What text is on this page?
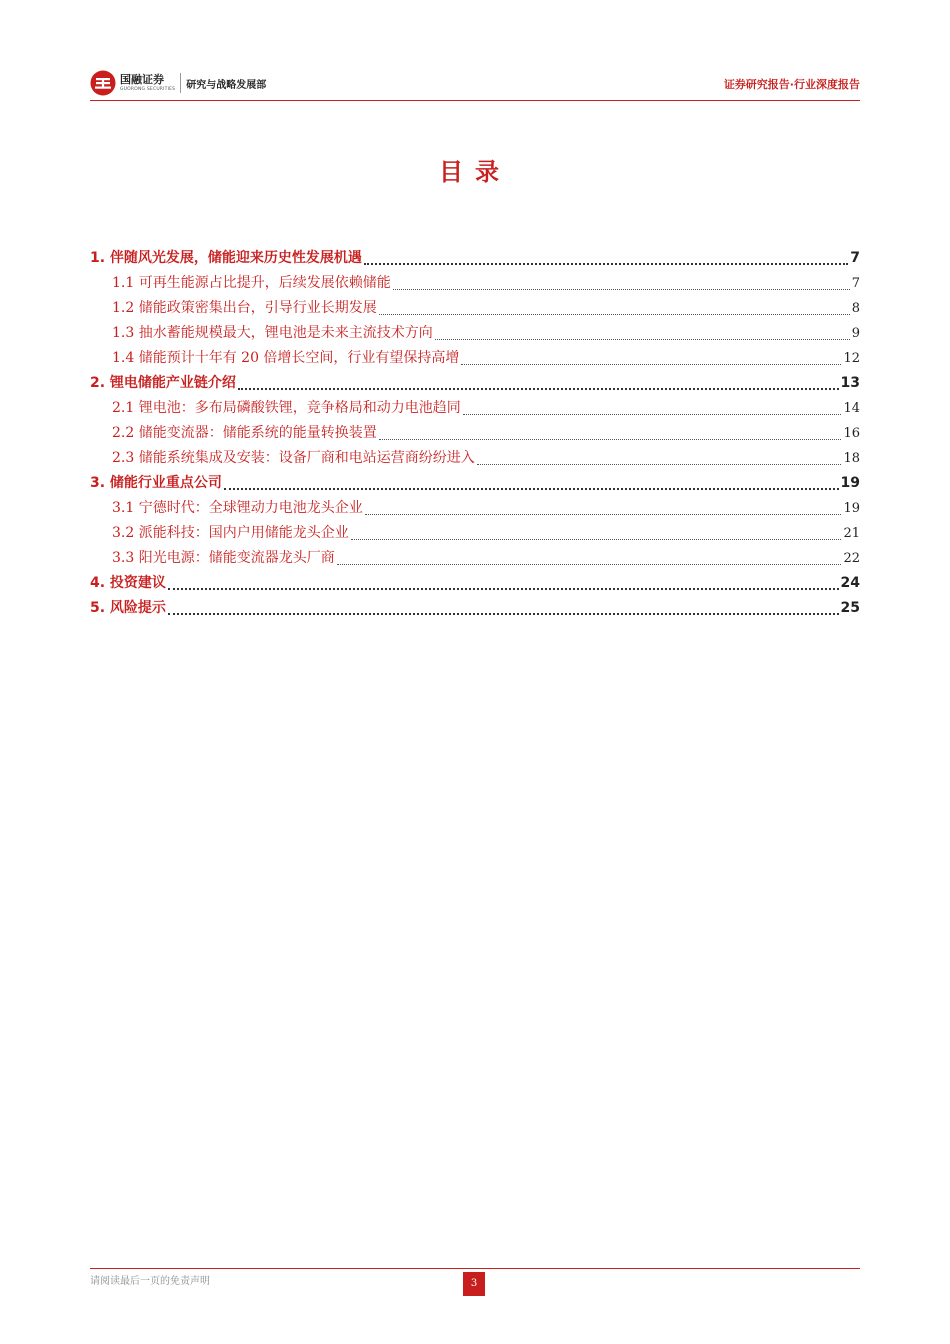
国融证券
GUORONG SECURITIES 研究与战略发展部	证券研究报告·行业深度报告
目录
1. 伴随风光发展，储能迎来历史性发展机遇	7
1.1 可再生能源占比提升，后续发展依赖储能	7
1.2 储能政策密集出台，引导行业长期发展	8
1.3 抽水蓄能规模最大，锂电池是未来主流技术方向	9
1.4 储能预计十年有 20 倍增长空间，行业有望保持高增	12
2. 锂电储能产业链介绍	13
2.1 锂电池：多布局磷酸铁锂，竞争格局和动力电池趋同	14
2.2 储能变流器：储能系统的能量转换装置	16
2.3 储能系统集成及安装：设备厂商和电站运营商纷纷进入	18
3. 储能行业重点公司	19
3.1 宁德时代：全球锂动力电池龙头企业	19
3.2 派能科技：国内户用储能龙头企业	21
3.3 阳光电源：储能变流器龙头厂商	22
4. 投资建议	24
5. 风险提示	25
请阅读最后一页的免责声明	3
